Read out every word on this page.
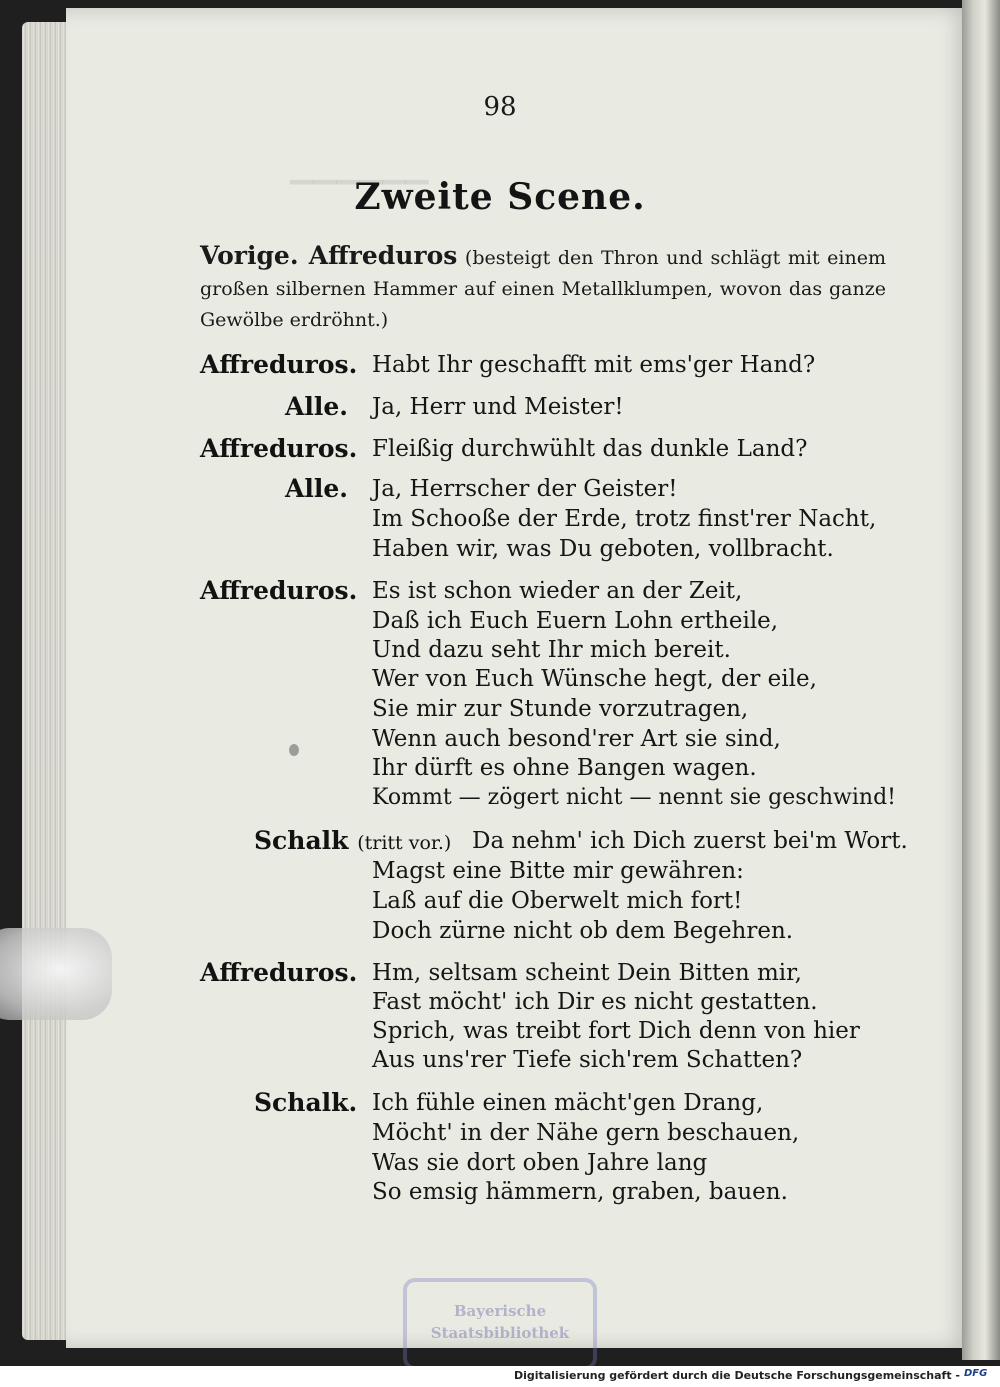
▁▁▁▁▁▁
98
Zweite Scene.
Vorige. Affreduros (besteigt den Thron und schlägt mit einem großen silbernen Hammer auf einen Metallklumpen, wovon das ganze Gewölbe erdröhnt.)
Affreduros. Habt Ihr geschafft mit ems'ger Hand?
Alle. Ja, Herr und Meister!
Affreduros. Fleißig durchwühlt das dunkle Land?
Alle. Ja, Herrscher der Geister!
Im Schooße der Erde, trotz finst'rer Nacht,
Haben wir, was Du geboten, vollbracht.
Affreduros. Es ist schon wieder an der Zeit,
Daß ich Euch Euern Lohn ertheile,
Und dazu seht Ihr mich bereit.
Wer von Euch Wünsche hegt, der eile,
Sie mir zur Stunde vorzutragen,
Wenn auch besond'rer Art sie sind,
Ihr dürft es ohne Bangen wagen.
Kommt — zögert nicht — nennt sie geschwind!
Schalk (tritt vor.) Da nehm' ich Dich zuerst bei'm Wort.
Magst eine Bitte mir gewähren:
Laß auf die Oberwelt mich fort!
Doch zürne nicht ob dem Begehren.
Affreduros. Hm, seltsam scheint Dein Bitten mir,
Fast möcht' ich Dir es nicht gestatten.
Sprich, was treibt fort Dich denn von hier
Aus uns'rer Tiefe sich'rem Schatten?
Schalk. Ich fühle einen mächt'gen Drang,
Möcht' in der Nähe gern beschauen,
Was sie dort oben Jahre lang
So emsig hämmern, graben, bauen.
Bayerische
Staatsbibliothek
Digitalisierung gefördert durch die Deutsche Forschungsgemeinschaft - DFG
